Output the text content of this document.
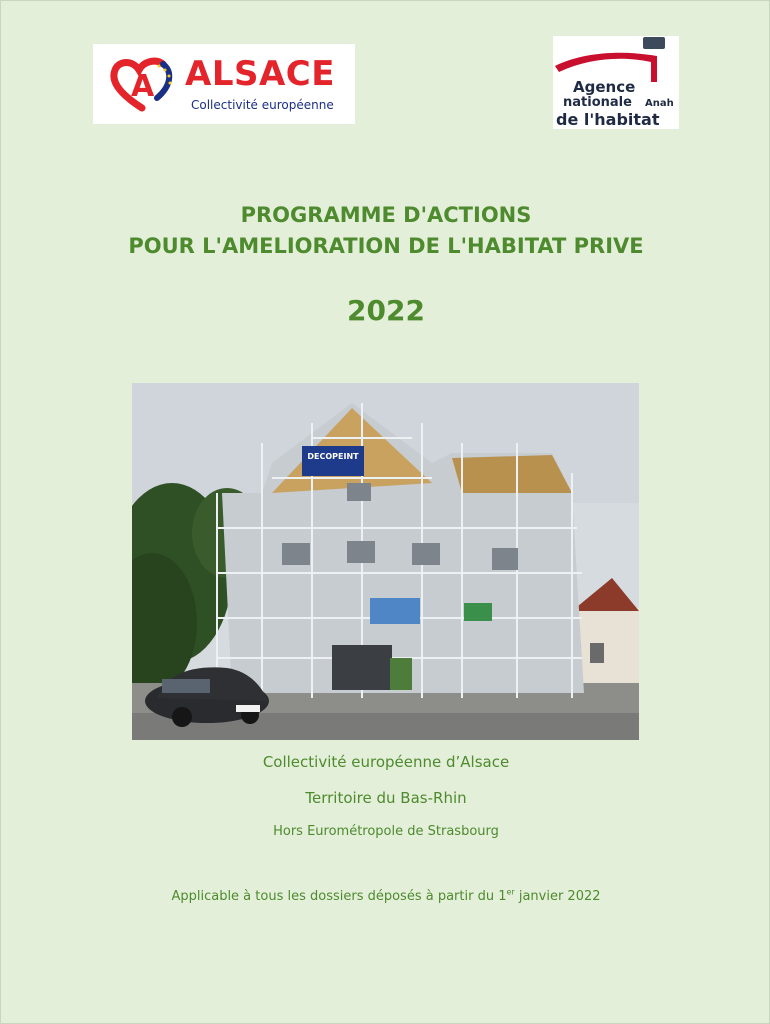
A ALSACE
Collectivité européenne
Agence
nationale Anah
de l'habitat
PROGRAMME D'ACTIONS
POUR L'AMELIORATION DE L'HABITAT PRIVE
2022
DECOPEINT
Collectivité européenne d’Alsace
Territoire du Bas-Rhin
Hors Eurométropole de Strasbourg
Applicable à tous les dossiers déposés à partir du 1er janvier 2022
